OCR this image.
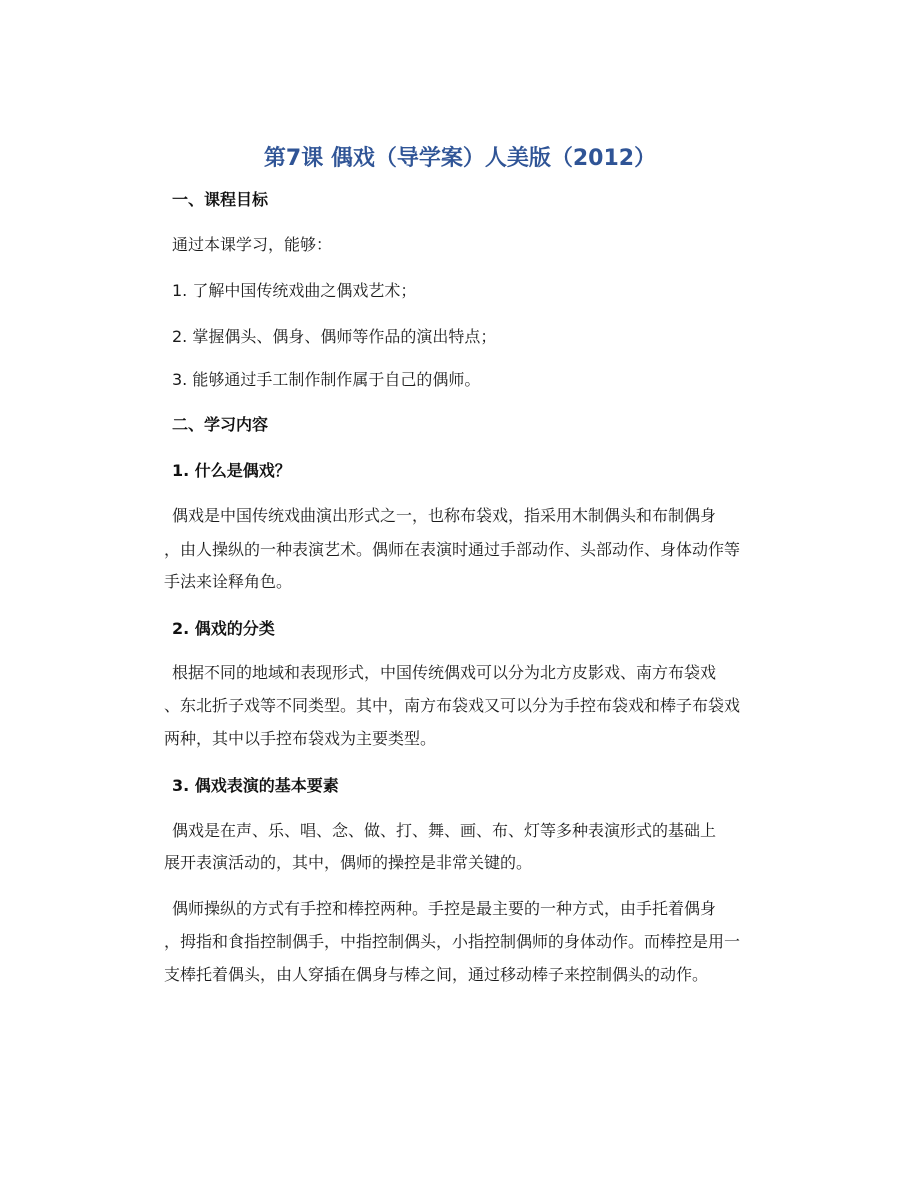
第7课 偶戏（导学案）人美版（2012）
一、课程目标
通过本课学习，能够：
1. 了解中国传统戏曲之偶戏艺术；
2. 掌握偶头、偶身、偶师等作品的演出特点；
3. 能够通过手工制作制作属于自己的偶师。
二、学习内容
1. 什么是偶戏？
偶戏是中国传统戏曲演出形式之一，也称布袋戏，指采用木制偶头和布制偶身
，由人操纵的一种表演艺术。偶师在表演时通过手部动作、头部动作、身体动作等
手法来诠释角色。
2. 偶戏的分类
根据不同的地域和表现形式，中国传统偶戏可以分为北方皮影戏、南方布袋戏
、东北折子戏等不同类型。其中，南方布袋戏又可以分为手控布袋戏和棒子布袋戏
两种，其中以手控布袋戏为主要类型。
3. 偶戏表演的基本要素
偶戏是在声、乐、唱、念、做、打、舞、画、布、灯等多种表演形式的基础上
展开表演活动的，其中，偶师的操控是非常关键的。
偶师操纵的方式有手控和棒控两种。手控是最主要的一种方式，由手托着偶身
，拇指和食指控制偶手，中指控制偶头，小指控制偶师的身体动作。而棒控是用一
支棒托着偶头，由人穿插在偶身与棒之间，通过移动棒子来控制偶头的动作。
